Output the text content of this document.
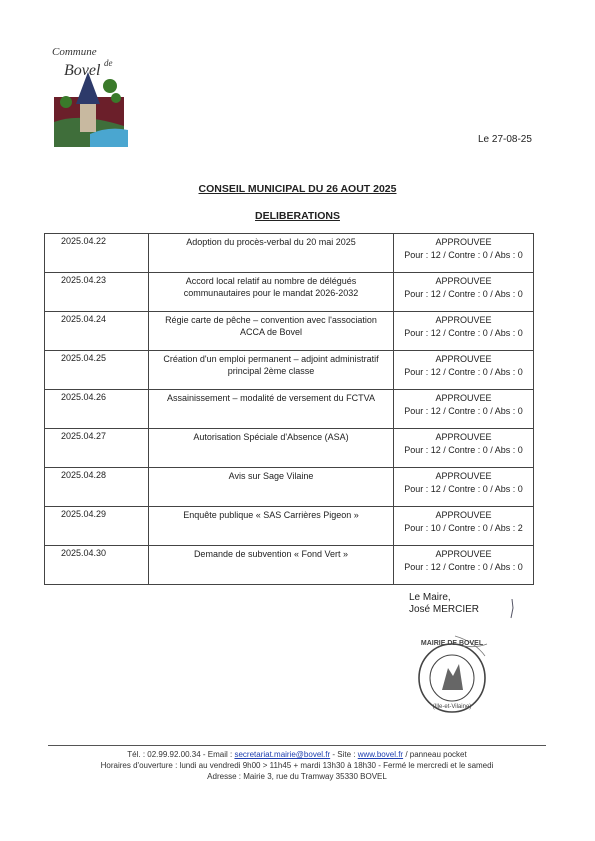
Commune
de
Bovel
Le 27-08-25
CONSEIL MUNICIPAL DU 26 AOUT 2025
DELIBERATIONS
2025.04.22	Adoption du procès-verbal du 20 mai 2025	APPROUVEE
Pour : 12 / Contre : 0 / Abs : 0

2025.04.23	Accord local relatif au nombre de délégués communautaires pour le mandat 2026-2032	APPROUVEE
Pour : 12 / Contre : 0 / Abs : 0

2025.04.24	Régie carte de pêche – convention avec l'association ACCA de Bovel	APPROUVEE
Pour : 12 / Contre : 0 / Abs : 0

2025.04.25	Création d'un emploi permanent – adjoint administratif principal 2ème classe	APPROUVEE
Pour : 12 / Contre : 0 / Abs : 0

2025.04.26	Assainissement – modalité de versement du FCTVA	APPROUVEE
Pour : 12 / Contre : 0 / Abs : 0

2025.04.27	Autorisation Spéciale d'Absence (ASA)	APPROUVEE
Pour : 12 / Contre : 0 / Abs : 0

2025.04.28	Avis sur Sage Vilaine	APPROUVEE
Pour : 12 / Contre : 0 / Abs : 0

2025.04.29	Enquête publique « SAS Carrières Pigeon »	APPROUVEE
Pour : 10 / Contre : 0 / Abs : 2

2025.04.30	Demande de subvention « Fond Vert »	APPROUVEE
Pour : 12 / Contre : 0 / Abs : 0
Le Maire,
José MERCIER
MAIRIE DE BOVEL
(Ille-et-Vilaine)
Tél. : 02.99.92.00.34 - Email : secretariat.mairie@bovel.fr - Site : www.bovel.fr / panneau pocket
Horaires d'ouverture : lundi au vendredi 9h00 > 11h45 + mardi 13h30 à 18h30 - Fermé le mercredi et le samedi
Adresse : Mairie 3, rue du Tramway 35330 BOVEL
